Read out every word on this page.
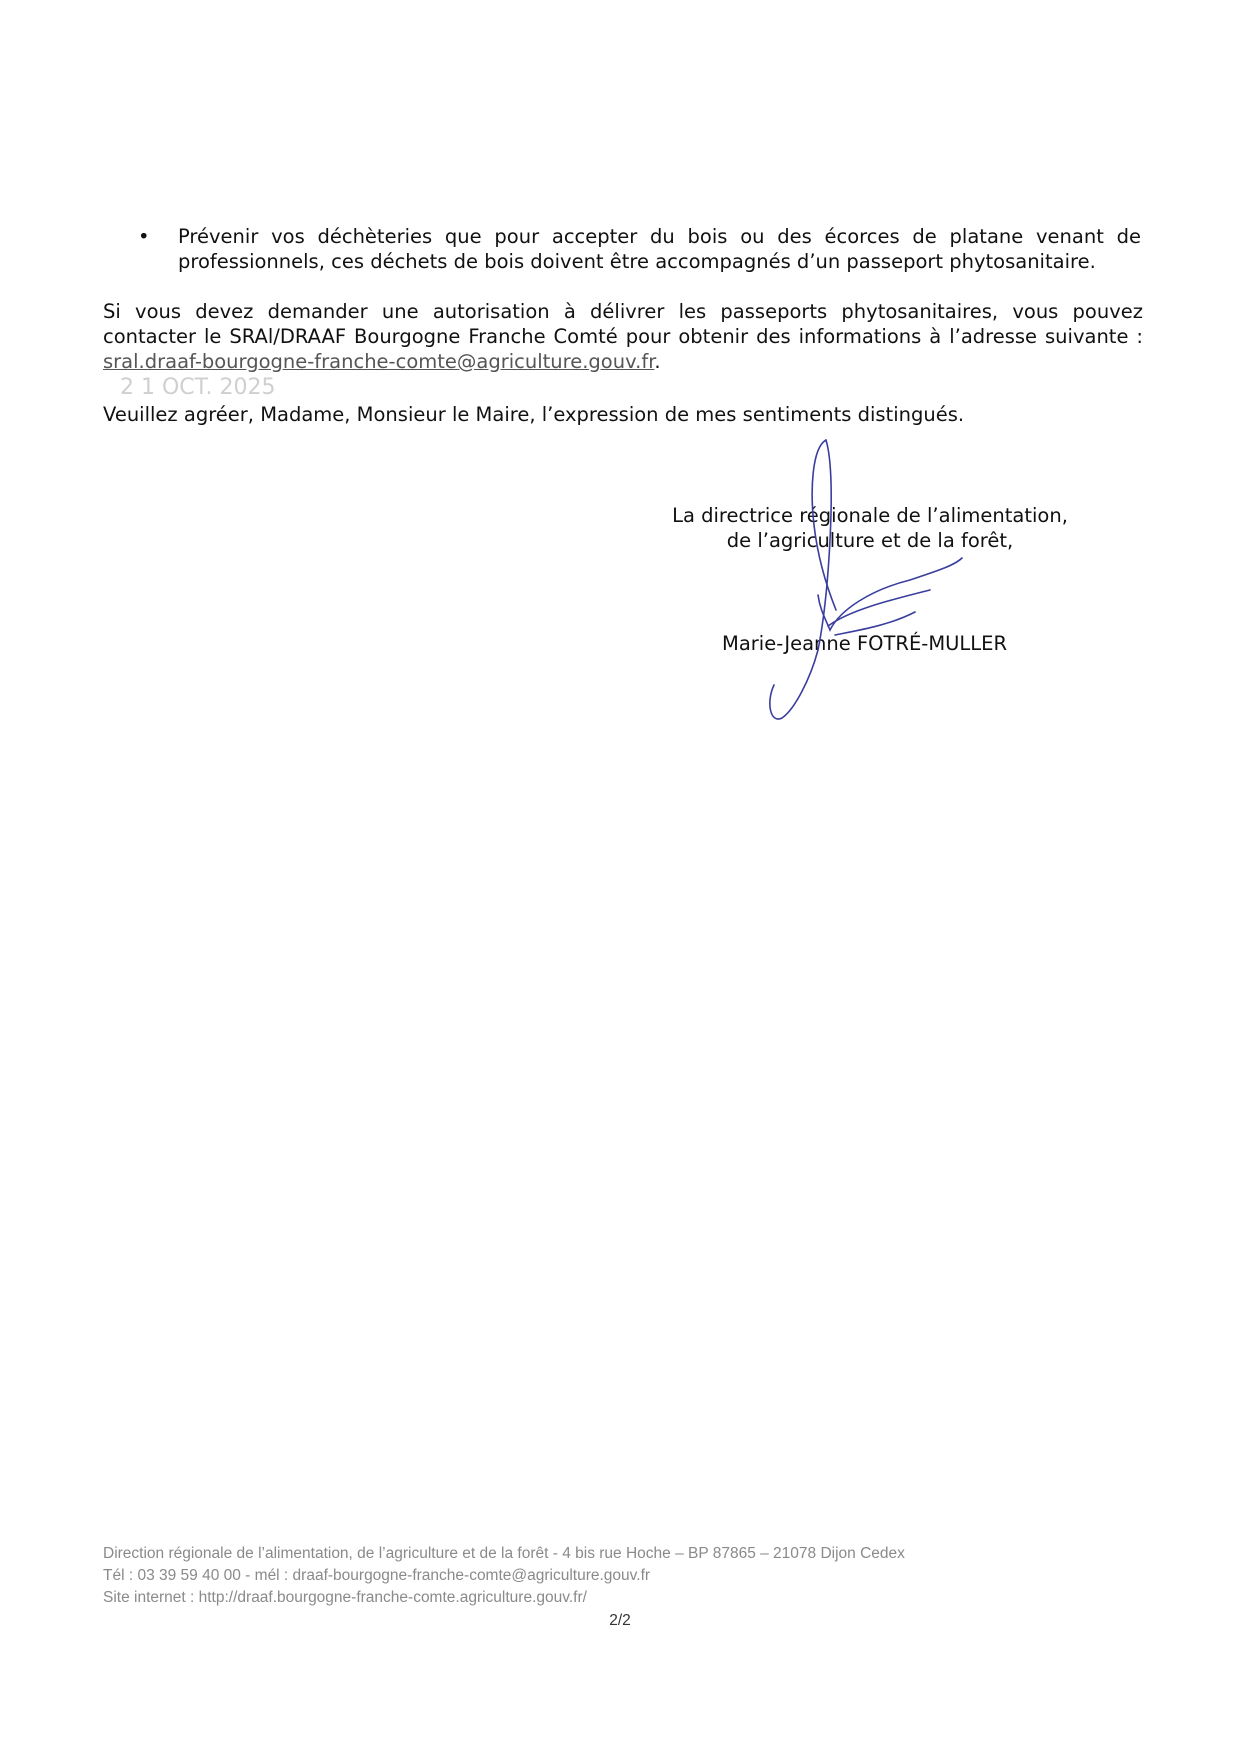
• Prévenir vos déchèteries que pour accepter du bois ou des écorces de platane venant de
professionnels, ces déchets de bois doivent être accompagnés d’un passeport phytosanitaire.
Si vous devez demander une autorisation à délivrer les passeports phytosanitaires, vous pouvez
contacter le SRAl/DRAAF Bourgogne Franche Comté pour obtenir des informations à l’adresse suivante :
sral.draaf-bourgogne-franche-comte@agriculture.gouv.fr.
2 1 OCT. 2025
Veuillez agréer, Madame, Monsieur le Maire, l’expression de mes sentiments distingués.
La directrice régionale de l’alimentation,
de l’agriculture et de la forêt,
Marie-Jeanne FOTRÉ-MULLER
Direction régionale de l’alimentation, de l’agriculture et de la forêt - 4 bis rue Hoche – BP 87865 – 21078 Dijon Cedex
Tél : 03 39 59 40 00 - mél : draaf-bourgogne-franche-comte@agriculture.gouv.fr
Site internet : http://draaf.bourgogne-franche-comte.agriculture.gouv.fr/
2/2
